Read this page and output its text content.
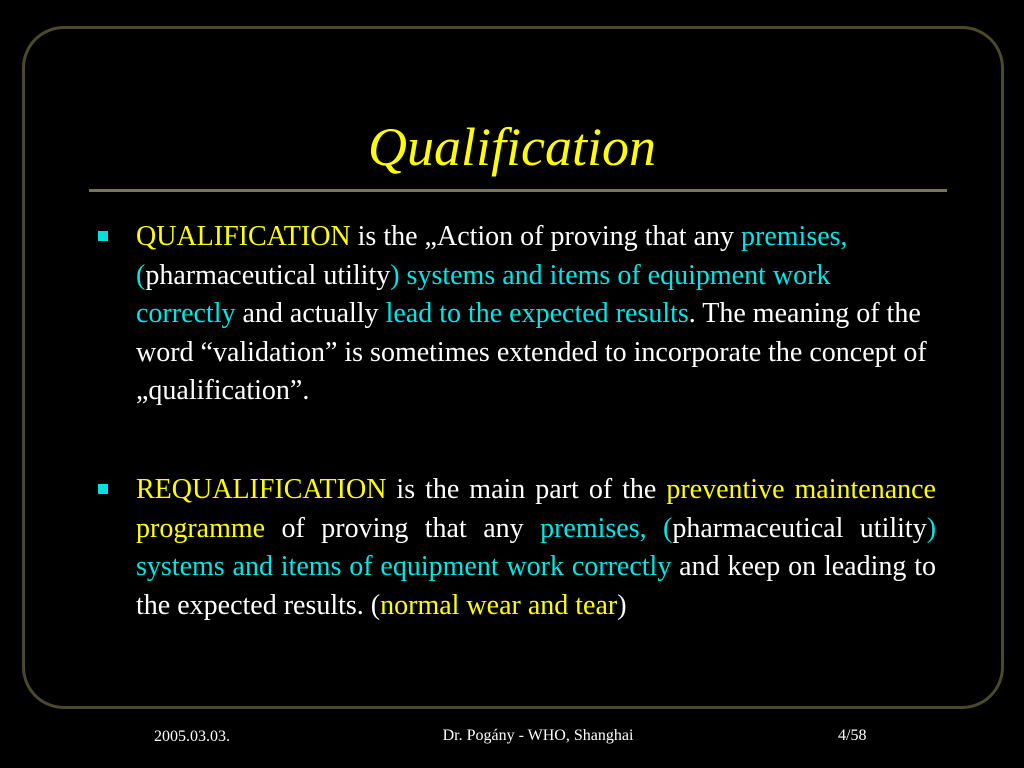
Qualification
QUALIFICATION is the „Action of proving that any premises, (pharmaceutical utility) systems and items of equipment work correctly and actually lead to the expected results. The meaning of the word “validation” is sometimes extended to incorporate the concept of „qualification”.
REQUALIFICATION is the main part of the preventive maintenance programme of proving that any premises, (pharmaceutical utility) systems and items of equipment work correctly and keep on leading to the expected results. (normal wear and tear)
2005.03.03.	Dr. Pogány - WHO, Shanghai	4/58
